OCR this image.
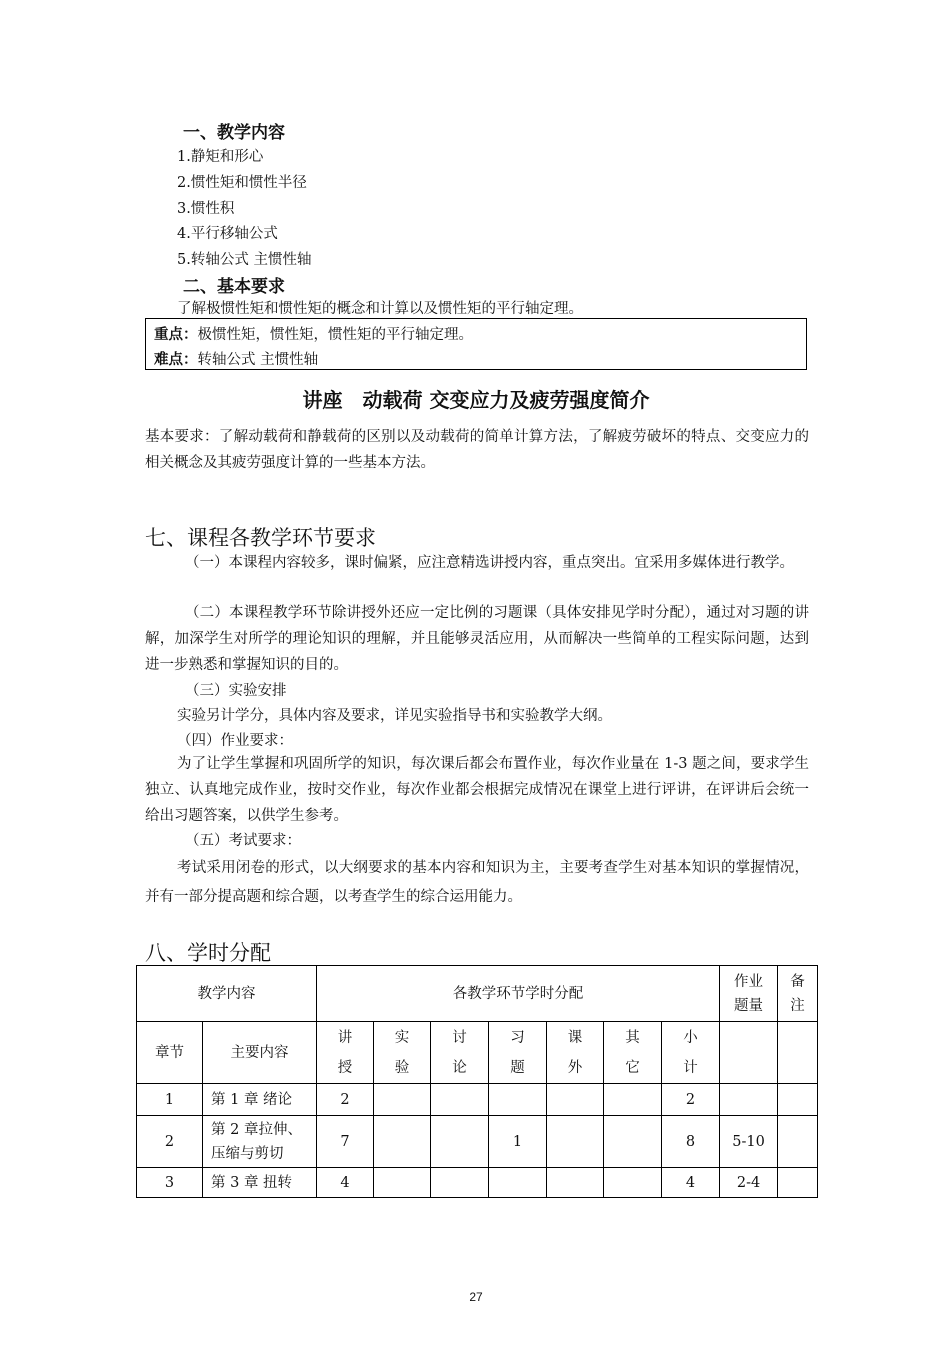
一、教学内容
1.静矩和形心
2.惯性矩和惯性半径
3.惯性积
4.平行移轴公式
5.转轴公式 主惯性轴
二、基本要求
了解极惯性矩和惯性矩的概念和计算以及惯性矩的平行轴定理。
重点：极惯性矩，惯性矩，惯性矩的平行轴定理。
难点：转轴公式 主惯性轴
讲座　动载荷 交变应力及疲劳强度简介
基本要求：了解动载荷和静载荷的区别以及动载荷的简单计算方法，了解疲劳破坏的特点、交变应力的相关概念及其疲劳强度计算的一些基本方法。
七、课程各教学环节要求
（一）本课程内容较多，课时偏紧，应注意精选讲授内容，重点突出。宜采用多媒体进行教学。
（二）本课程教学环节除讲授外还应一定比例的习题课（具体安排见学时分配），通过对习题的讲解，加深学生对所学的理论知识的理解，并且能够灵活应用，从而解决一些简单的工程实际问题，达到进一步熟悉和掌握知识的目的。
（三）实验安排
实验另计学分，具体内容及要求，详见实验指导书和实验教学大纲。
（四）作业要求：
为了让学生掌握和巩固所学的知识，每次课后都会布置作业，每次作业量在 1-3 题之间，要求学生独立、认真地完成作业，按时交作业，每次作业都会根据完成情况在课堂上进行评讲，在评讲后会统一给出习题答案，以供学生参考。
（五）考试要求：
考试采用闭卷的形式，以大纲要求的基本内容和知识为主，主要考查学生对基本知识的掌握情况，并有一部分提高题和综合题，以考查学生的综合运用能力。
八、学时分配
教学内容		各教学环节学时分配							作业题量	备注
章节	主要内容	讲授	实验	讨论	习题	课外	其它	小计		
1	第 1 章 绪论	2						2		
2	第 2 章拉伸、压缩与剪切	7			1			8	5-10	
3	第 3 章 扭转	4						4	2-4	
27
